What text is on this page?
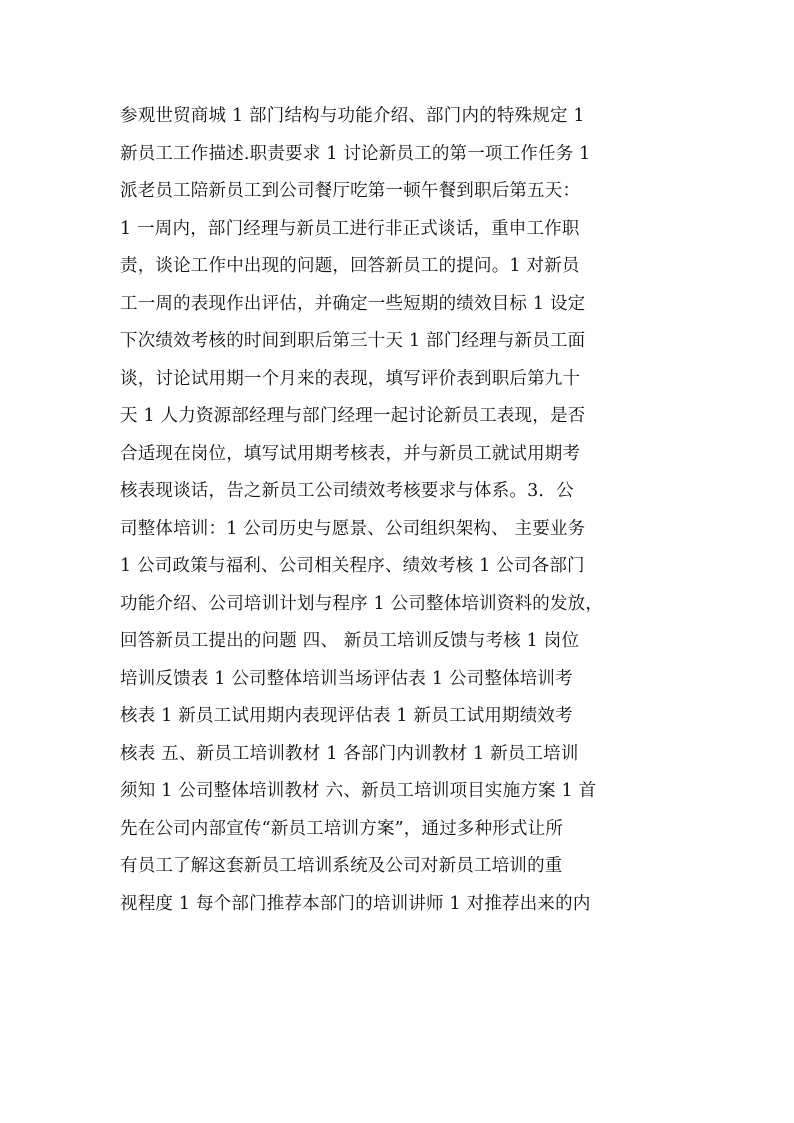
参观世贸商城 1 部门结构与功能介绍、部门内的特殊规定 1
新员工工作描述.职责要求 1 讨论新员工的第一项工作任务 1
派老员工陪新员工到公司餐厅吃第一顿午餐到职后第五天：
1 一周内，部门经理与新员工进行非正式谈话，重申工作职
责，谈论工作中出现的问题，回答新员工的提问。1 对新员
工一周的表现作出评估，并确定一些短期的绩效目标 1 设定
下次绩效考核的时间到职后第三十天 1 部门经理与新员工面
谈，讨论试用期一个月来的表现，填写评价表到职后第九十
天 1 人力资源部经理与部门经理一起讨论新员工表现，是否
合适现在岗位，填写试用期考核表，并与新员工就试用期考
核表现谈话，告之新员工公司绩效考核要求与体系。3．公
司整体培训：1 公司历史与愿景、公司组织架构、 主要业务
1 公司政策与福利、公司相关程序、绩效考核 1 公司各部门
功能介绍、公司培训计划与程序 1 公司整体培训资料的发放，
回答新员工提出的问题 四、 新员工培训反馈与考核 1 岗位
培训反馈表 1 公司整体培训当场评估表 1 公司整体培训考
核表 1 新员工试用期内表现评估表 1 新员工试用期绩效考
核表 五、新员工培训教材 1 各部门内训教材 1 新员工培训
须知 1 公司整体培训教材 六、新员工培训项目实施方案 1 首
先在公司内部宣传“新员工培训方案”，通过多种形式让所
有员工了解这套新员工培训系统及公司对新员工培训的重
视程度 1 每个部门推荐本部门的培训讲师 1 对推荐出来的内
